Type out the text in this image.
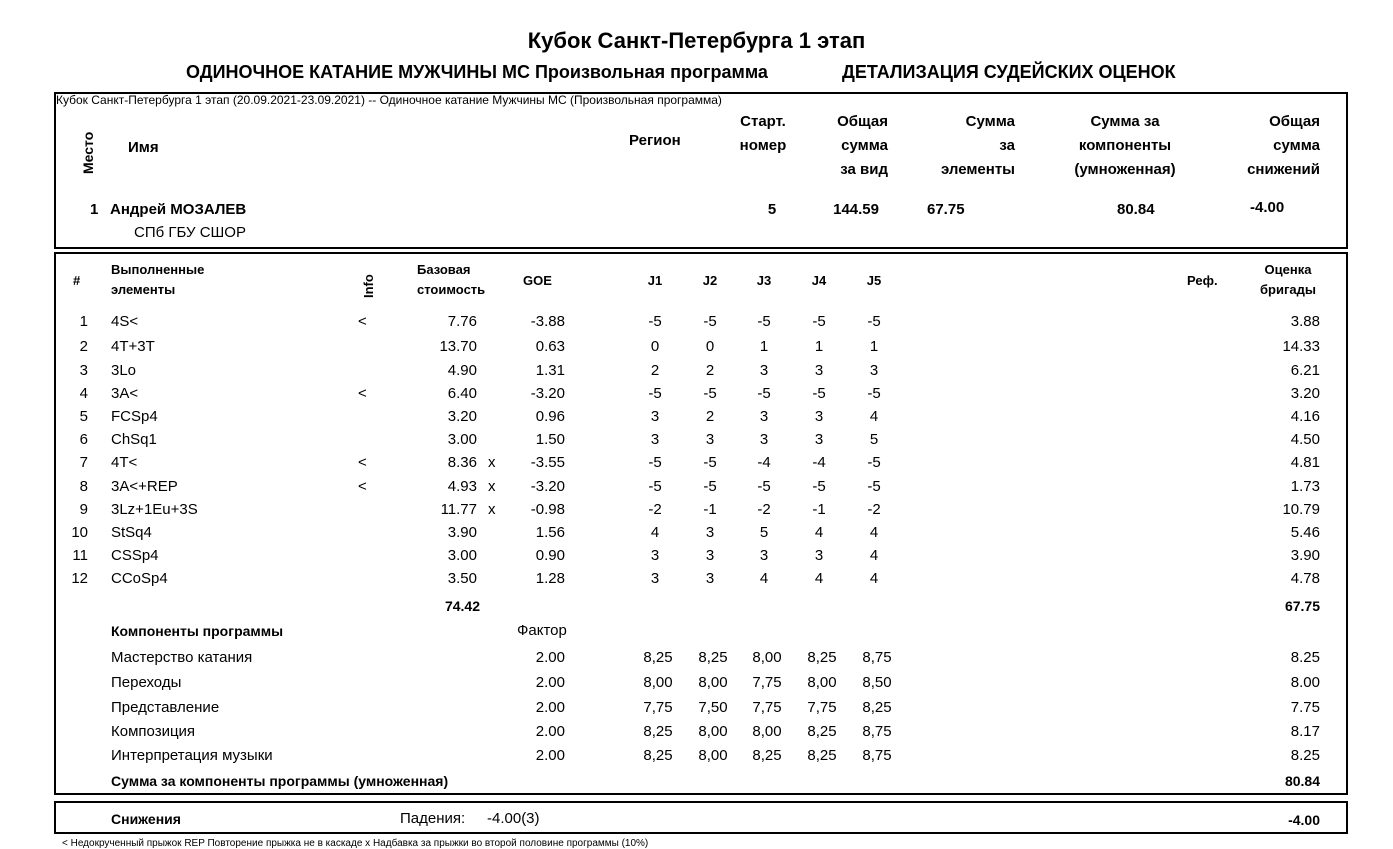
Кубок Санкт-Петербурга 1 этап
ОДИНОЧНОЕ КАТАНИЕ МУЖЧИНЫ МС Произвольная программа	ДЕТАЛИЗАЦИЯ СУДЕЙСКИХ ОЦЕНОК
Кубок Санкт-Петербурга 1 этап (20.09.2021-23.09.2021) -- Одиночное катание Мужчины МС (Произвольная программа)
Место Имя	Регион
Старт.
номер
Общая
сумма
за вид
Сумма
за
элементы
Сумма за
компоненты
(умноженная)
Общая
сумма
снижений
1 Андрей МОЗАЛЕВ
СПб ГБУ СШОР
5	144.59	67.75	80.84	-4.00
#
Выполненные
элементы	Info
Базовая
стоимость
GOE	J1	J2	J3	J4	J5	Реф.
Оценка
бригады
1 4S<	<	7.76	-3.88	-5	-5	-5	-5	-5	3.88
2 4T+3T	13.70	0.63	0	0	1	1	1	14.33
3 3Lo	4.90	1.31	2	2	3	3	3	6.21
4 3A<	<	6.40	-3.20	-5	-5	-5	-5	-5	3.20
5 FCSp4	3.20	0.96	3	2	3	3	4	4.16
6 ChSq1	3.00	1.50	3	3	3	3	5	4.50
7 4T<	<	8.36 x	-3.55	-5	-5	-4	-4	-5	4.81
8 3A<+REP	<	4.93 x	-3.20	-5	-5	-5	-5	-5	1.73
9 3Lz+1Eu+3S	11.77 x	-0.98	-2	-1	-2	-1	-2	10.79
10 StSq4	3.90	1.56	4	3	5	4	4	5.46
11 CSSp4	3.00	0.90	3	3	3	3	4	3.90
12 CCoSp4	3.50	1.28	3	3	4	4	4	4.78
74.42	67.75
Компоненты программы	Фактор
Мастерство катания	2.00	8,25	8,25	8,00	8,25	8,75	8.25
Переходы	2.00	8,00	8,00	7,75	8,00	8,50	8.00
Представление	2.00	7,75	7,50	7,75	7,75	8,25	7.75
Композиция	2.00	8,25	8,00	8,00	8,25	8,75	8.17
Интерпретация музыки	2.00	8,25	8,00	8,25	8,25	8,75	8.25
Сумма за компоненты программы (умноженная)	80.84
Снижения	Падения: -4.00(3)	-4.00
< Недокрученный прыжок REP Повторение прыжка не в каскаде x Надбавка за прыжки во второй половине программы (10%)
